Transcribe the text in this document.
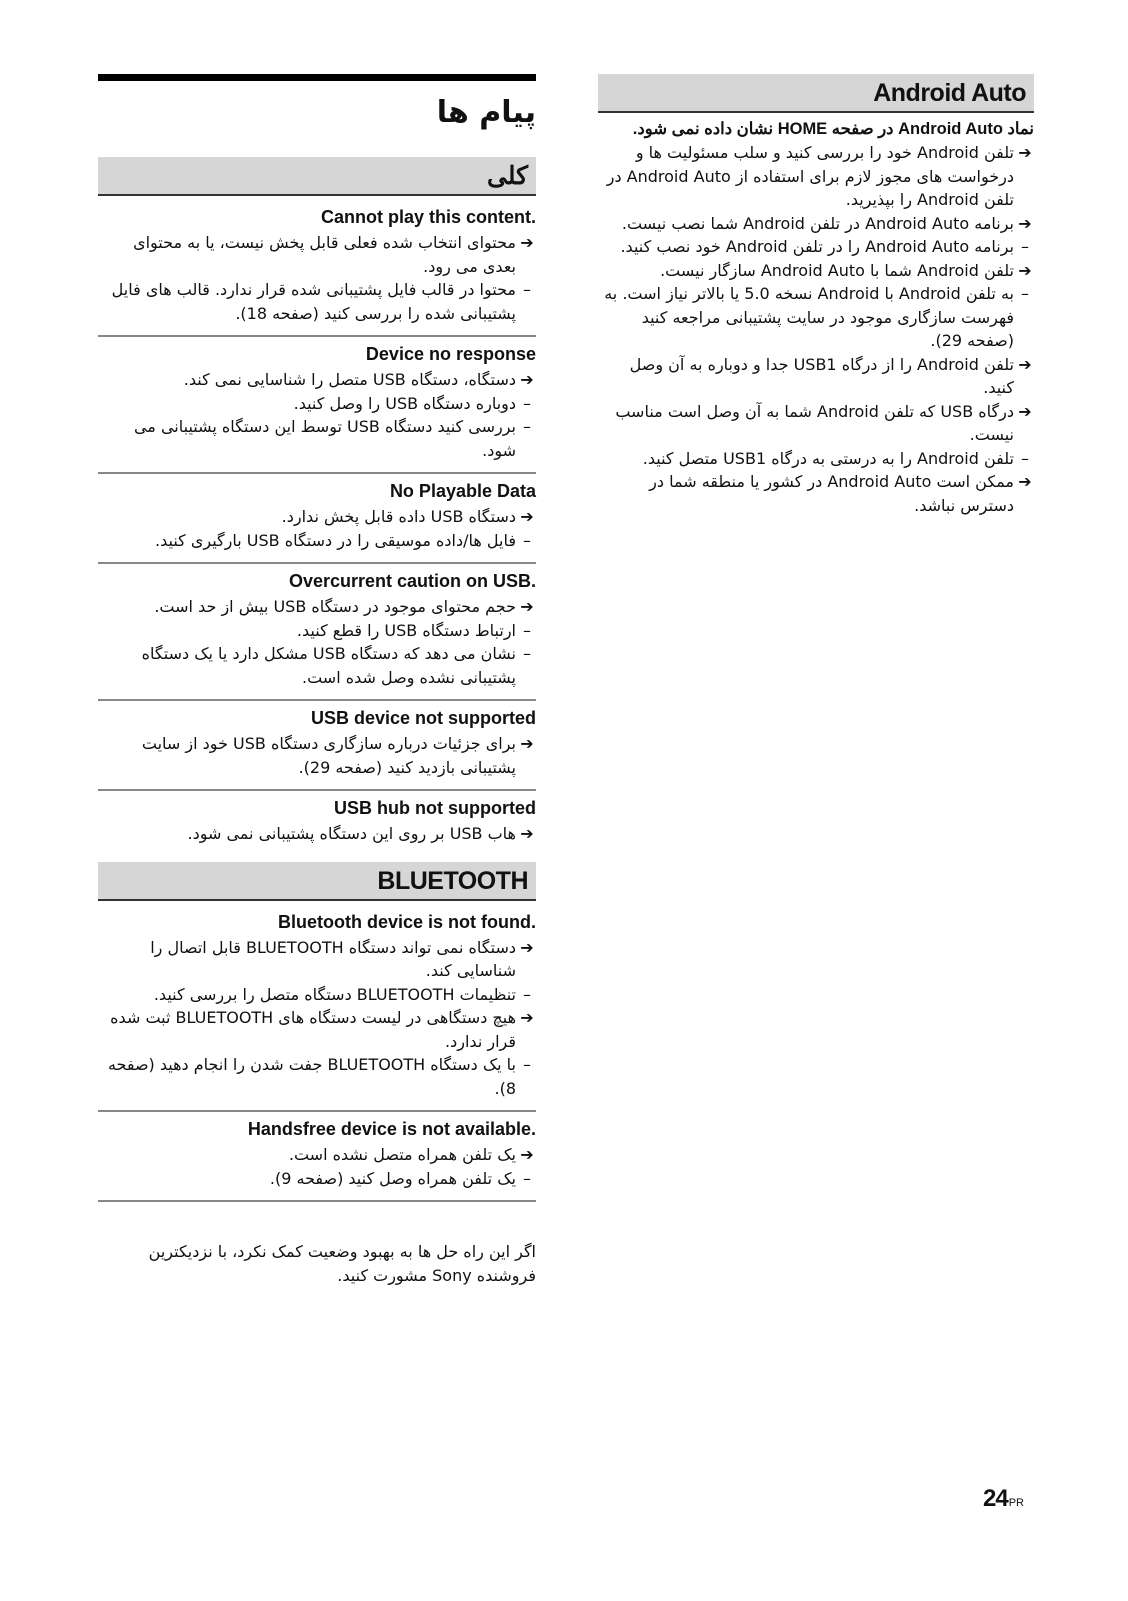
پیام ها
کلی
Cannot play this content.
➔
محتوای انتخاب شده فعلی قابل پخش نیست، یا به محتوای بعدی می رود.
–
محتوا در قالب فایل پشتیبانی شده قرار ندارد. قالب های فایل پشتیبانی شده را بررسی کنید (صفحه 18).
Device no response
➔
دستگاه، دستگاه USB متصل را شناسایی نمی کند.
–
دوباره دستگاه USB را وصل کنید.
–
بررسی کنید دستگاه USB توسط این دستگاه پشتیبانی می شود.
No Playable Data
➔
دستگاه USB داده قابل پخش ندارد.
–
فایل ها/داده موسیقی را در دستگاه USB بارگیری کنید.
Overcurrent caution on USB.
➔
حجم محتوای موجود در دستگاه USB بیش از حد است.
–
ارتباط دستگاه USB را قطع کنید.
–
نشان می دهد که دستگاه USB مشکل دارد یا یک دستگاه پشتیبانی نشده وصل شده است.
USB device not supported
➔
برای جزئیات درباره سازگاری دستگاه USB خود از سایت پشتیبانی بازدید کنید (صفحه 29).
USB hub not supported
➔
هاب USB بر روی این دستگاه پشتیبانی نمی شود.
BLUETOOTH
Bluetooth device is not found.
➔
دستگاه نمی تواند دستگاه BLUETOOTH قابل اتصال را شناسایی کند.
–
تنظیمات BLUETOOTH دستگاه متصل را بررسی کنید.
➔
هیچ دستگاهی در لیست دستگاه های BLUETOOTH ثبت شده قرار ندارد.
–
با یک دستگاه BLUETOOTH جفت شدن را انجام دهید (صفحه 8).
Handsfree device is not available.
➔
یک تلفن همراه متصل نشده است.
–
یک تلفن همراه وصل کنید (صفحه 9).
اگر این راه حل ها به بهبود وضعیت کمک نکرد، با نزدیکترین فروشنده Sony مشورت کنید.
Android Auto
نماد Android Auto در صفحه HOME نشان داده نمی شود.
➔
تلفن Android خود را بررسی کنید و سلب مسئولیت ها و درخواست های مجوز لازم برای استفاده از Android Auto در تلفن Android را بپذیرید.
➔
برنامه Android Auto در تلفن Android شما نصب نیست.
–
برنامه Android Auto را در تلفن Android خود نصب کنید.
➔
تلفن Android شما با Android Auto سازگار نیست.
–
به تلفن Android با Android نسخه 5.0 یا بالاتر نیاز است. به فهرست سازگاری موجود در سایت پشتیبانی مراجعه کنید (صفحه 29).
➔
تلفن Android را از درگاه USB1 جدا و دوباره به آن وصل کنید.
➔
درگاه USB که تلفن Android شما به آن وصل است مناسب نیست.
–
تلفن Android را به درستی به درگاه USB1 متصل کنید.
➔
ممکن است Android Auto در کشور یا منطقه شما در دسترس نباشد.
24PR
